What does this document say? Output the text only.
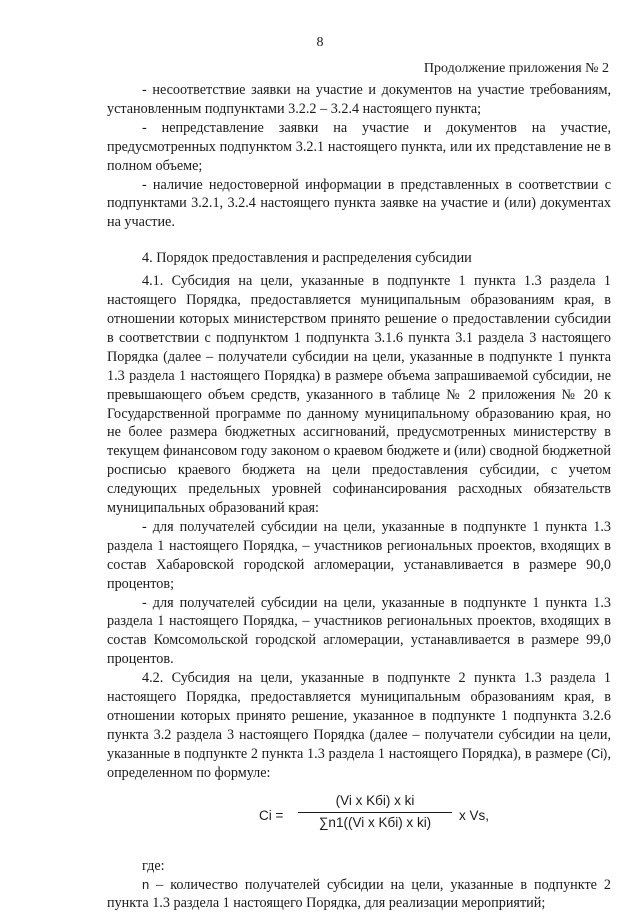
8
Продолжение приложения № 2

- несоответствие заявки на участие и документов на участие требованиям, установленным подпунктами 3.2.2 – 3.2.4 настоящего пункта;

- непредставление заявки на участие и документов на участие, предусмотренных подпунктом 3.2.1 настоящего пункта, или их представление не в полном объеме;

- наличие недостоверной информации в представленных в соответствии с подпунктами 3.2.1, 3.2.4 настоящего пункта заявке на участие и (или) документах на участие.

4. Порядок предоставления и распределения субсидии

4.1. Субсидия на цели, указанные в подпункте 1 пункта 1.3 раздела 1 настоящего Порядка, предоставляется муниципальным образованиям края, в отношении которых министерством принято решение о предоставлении субсидии в соответствии с подпунктом 1 подпункта 3.1.6 пункта 3.1 раздела 3 настоящего Порядка (далее – получатели субсидии на цели, указанные в подпункте 1 пункта 1.3 раздела 1 настоящего Порядка) в размере объема запрашиваемой субсидии, не превышающего объем средств, указанного в таблице № 2 приложения № 20 к Государственной программе по данному муниципальному образованию края, но не более размера бюджетных ассигнований, предусмотренных министерству в текущем финансовом году законом о краевом бюджете и (или) сводной бюджетной росписью краевого бюджета на цели предоставления субсидии, с учетом следующих предельных уровней софинансирования расходных обязательств муниципальных образований края:

- для получателей субсидии на цели, указанные в подпункте 1 пункта 1.3 раздела 1 настоящего Порядка, – участников региональных проектов, входящих в состав Хабаровской городской агломерации, устанавливается в размере 90,0 процентов;

- для получателей субсидии на цели, указанные в подпункте 1 пункта 1.3 раздела 1 настоящего Порядка, – участников региональных проектов, входящих в состав Комсомольской городской агломерации, устанавливается в размере 99,0 процентов.

4.2. Субсидия на цели, указанные в подпункте 2 пункта 1.3 раздела 1 настоящего Порядка, предоставляется муниципальным образованиям края, в отношении которых принято решение, указанное в подпункте 1 подпункта 3.2.6 пункта 3.2 раздела 3 настоящего Порядка (далее – получатели субсидии на цели, указанные в подпункте 2 пункта 1.3 раздела 1 настоящего Порядка), в размере (Ci), определенном по формуле:

Ci =
(Vi x Kбi) x ki
∑n1((Vi x Kбi) x ki)	x Vs,

где:

n – количество получателей субсидии на цели, указанные в подпункте 2 пункта 1.3 раздела 1 настоящего Порядка, для реализации мероприятий;
